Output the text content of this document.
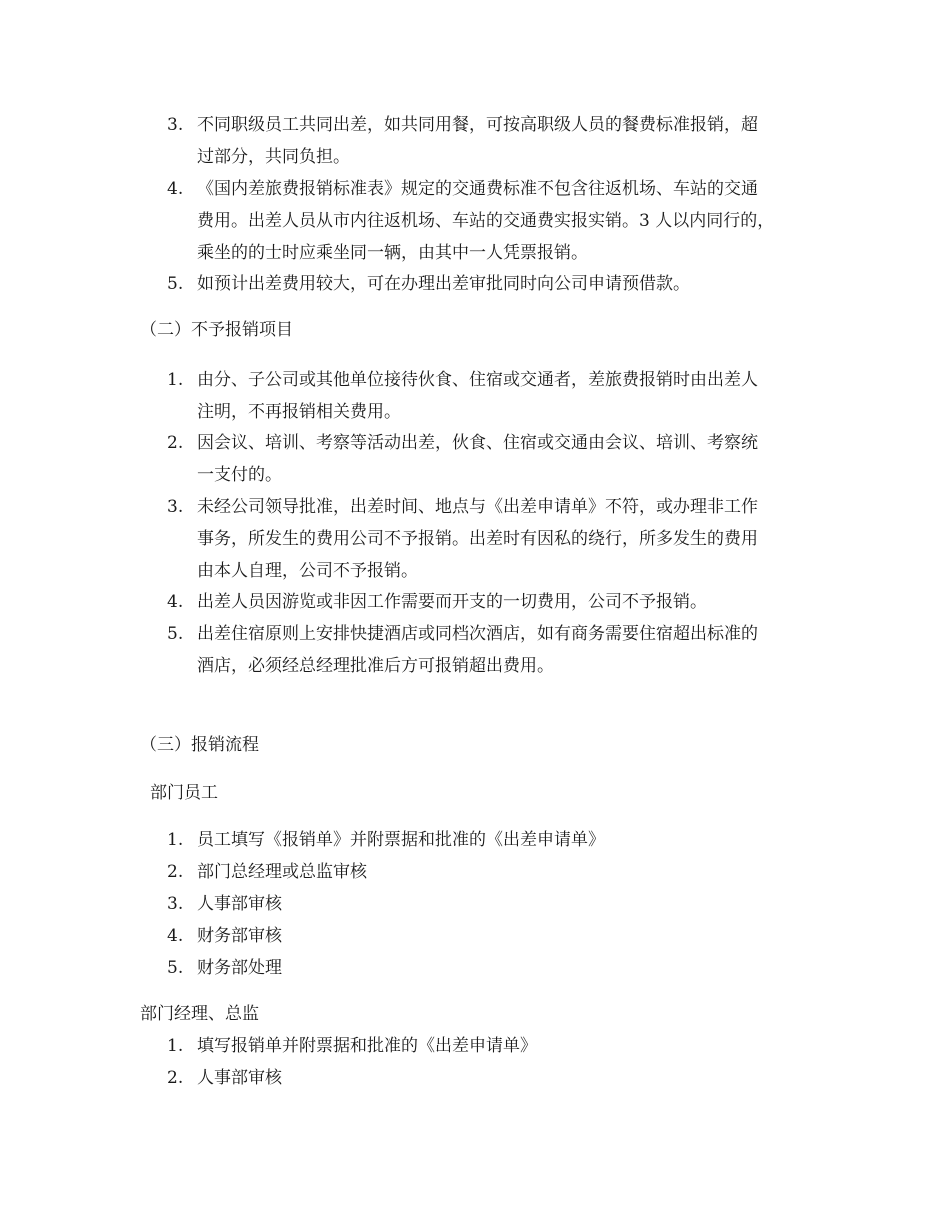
3. 不同职级员工共同出差，如共同用餐，可按高职级人员的餐费标准报销，超
过部分，共同负担。
4. 《国内差旅费报销标准表》规定的交通费标准不包含往返机场、车站的交通
费用。出差人员从市内往返机场、车站的交通费实报实销。3 人以内同行的，
乘坐的的士时应乘坐同一辆，由其中一人凭票报销。
5. 如预计出差费用较大，可在办理出差审批同时向公司申请预借款。
（二）不予报销项目
1. 由分、子公司或其他单位接待伙食、住宿或交通者，差旅费报销时由出差人
注明，不再报销相关费用。
2. 因会议、培训、考察等活动出差，伙食、住宿或交通由会议、培训、考察统
一支付的。
3. 未经公司领导批准，出差时间、地点与《出差申请单》不符，或办理非工作
事务，所发生的费用公司不予报销。出差时有因私的绕行，所多发生的费用
由本人自理，公司不予报销。
4. 出差人员因游览或非因工作需要而开支的一切费用，公司不予报销。
5. 出差住宿原则上安排快捷酒店或同档次酒店，如有商务需要住宿超出标准的
酒店，必须经总经理批准后方可报销超出费用。
（三）报销流程
部门员工
1. 员工填写《报销单》并附票据和批准的《出差申请单》
2. 部门总经理或总监审核
3. 人事部审核
4. 财务部审核
5. 财务部处理
部门经理、总监
1. 填写报销单并附票据和批准的《出差申请单》
2. 人事部审核
